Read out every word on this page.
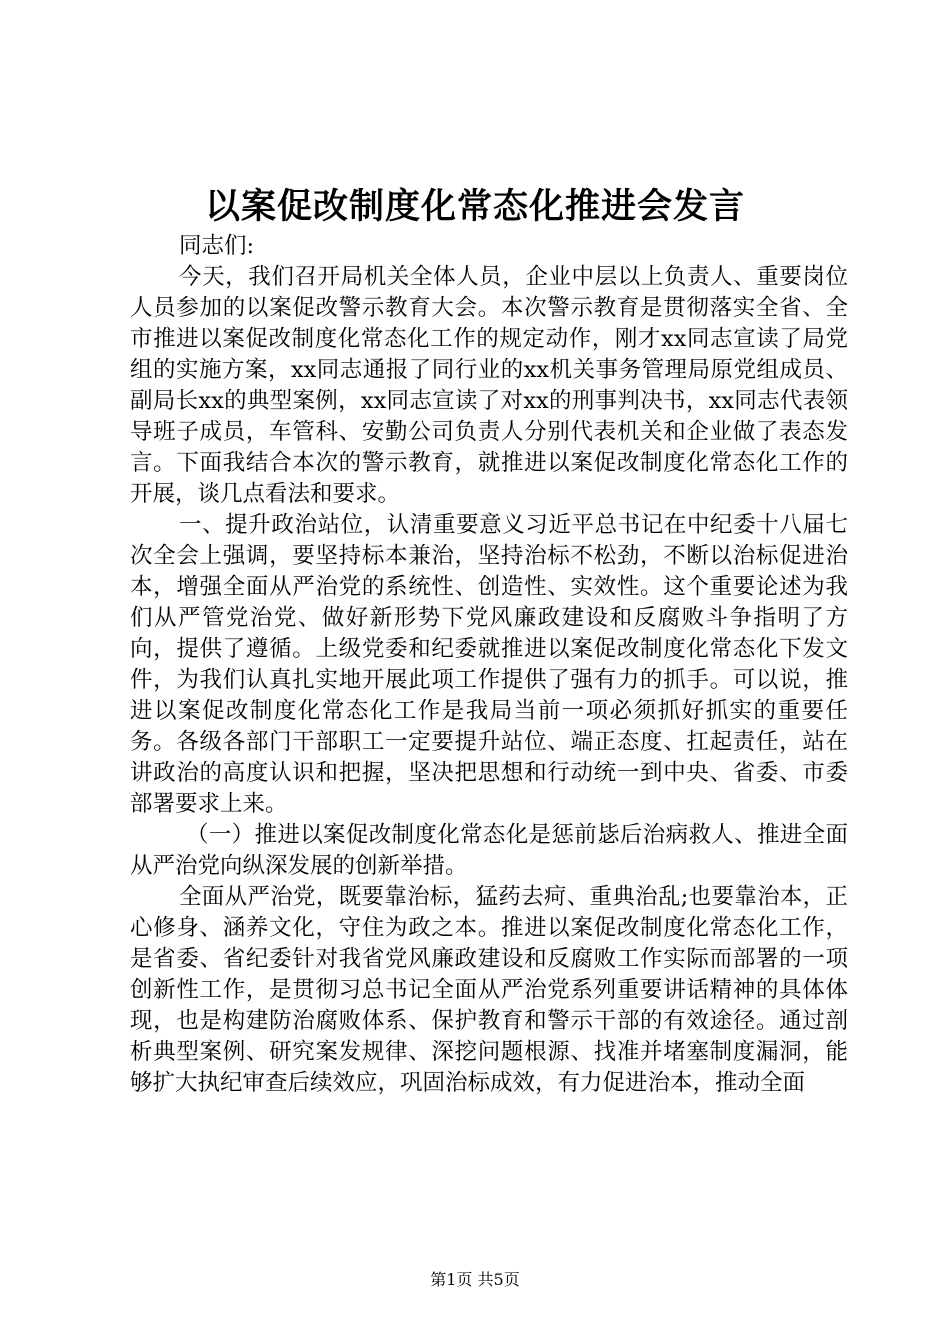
以案促改制度化常态化推进会发言

同志们:

今天，我们召开局机关全体人员，企业中层以上负责人、重要岗位人员参加的以案促改警示教育大会。本次警示教育是贯彻落实全省、全市推进以案促改制度化常态化工作的规定动作，刚才xx同志宣读了局党组的实施方案，xx同志通报了同行业的xx机关事务管理局原党组成员、副局长xx的典型案例，xx同志宣读了对xx的刑事判决书，xx同志代表领导班子成员，车管科、安勤公司负责人分别代表机关和企业做了表态发言。下面我结合本次的警示教育，就推进以案促改制度化常态化工作的开展，谈几点看法和要求。

一、提升政治站位，认清重要意义习近平总书记在中纪委十八届七次全会上强调，要坚持标本兼治，坚持治标不松劲，不断以治标促进治本，增强全面从严治党的系统性、创造性、实效性。这个重要论述为我们从严管党治党、做好新形势下党风廉政建设和反腐败斗争指明了方向，提供了遵循。上级党委和纪委就推进以案促改制度化常态化下发文件，为我们认真扎实地开展此项工作提供了强有力的抓手。可以说，推进以案促改制度化常态化工作是我局当前一项必须抓好抓实的重要任务。各级各部门干部职工一定要提升站位、端正态度、扛起责任，站在讲政治的高度认识和把握，坚决把思想和行动统一到中央、省委、市委部署要求上来。

（一）推进以案促改制度化常态化是惩前毖后治病救人、推进全面从严治党向纵深发展的创新举措。

全面从严治党，既要靠治标，猛药去疴、重典治乱;也要靠治本，正心修身、涵养文化，守住为政之本。推进以案促改制度化常态化工作，是省委、省纪委针对我省党风廉政建设和反腐败工作实际而部署的一项创新性工作，是贯彻习总书记全面从严治党系列重要讲话精神的具体体现，也是构建防治腐败体系、保护教育和警示干部的有效途径。通过剖析典型案例、研究案发规律、深挖问题根源、找准并堵塞制度漏洞，能够扩大执纪审查后续效应，巩固治标成效，有力促进治本，推动全面

第1页 共5页
